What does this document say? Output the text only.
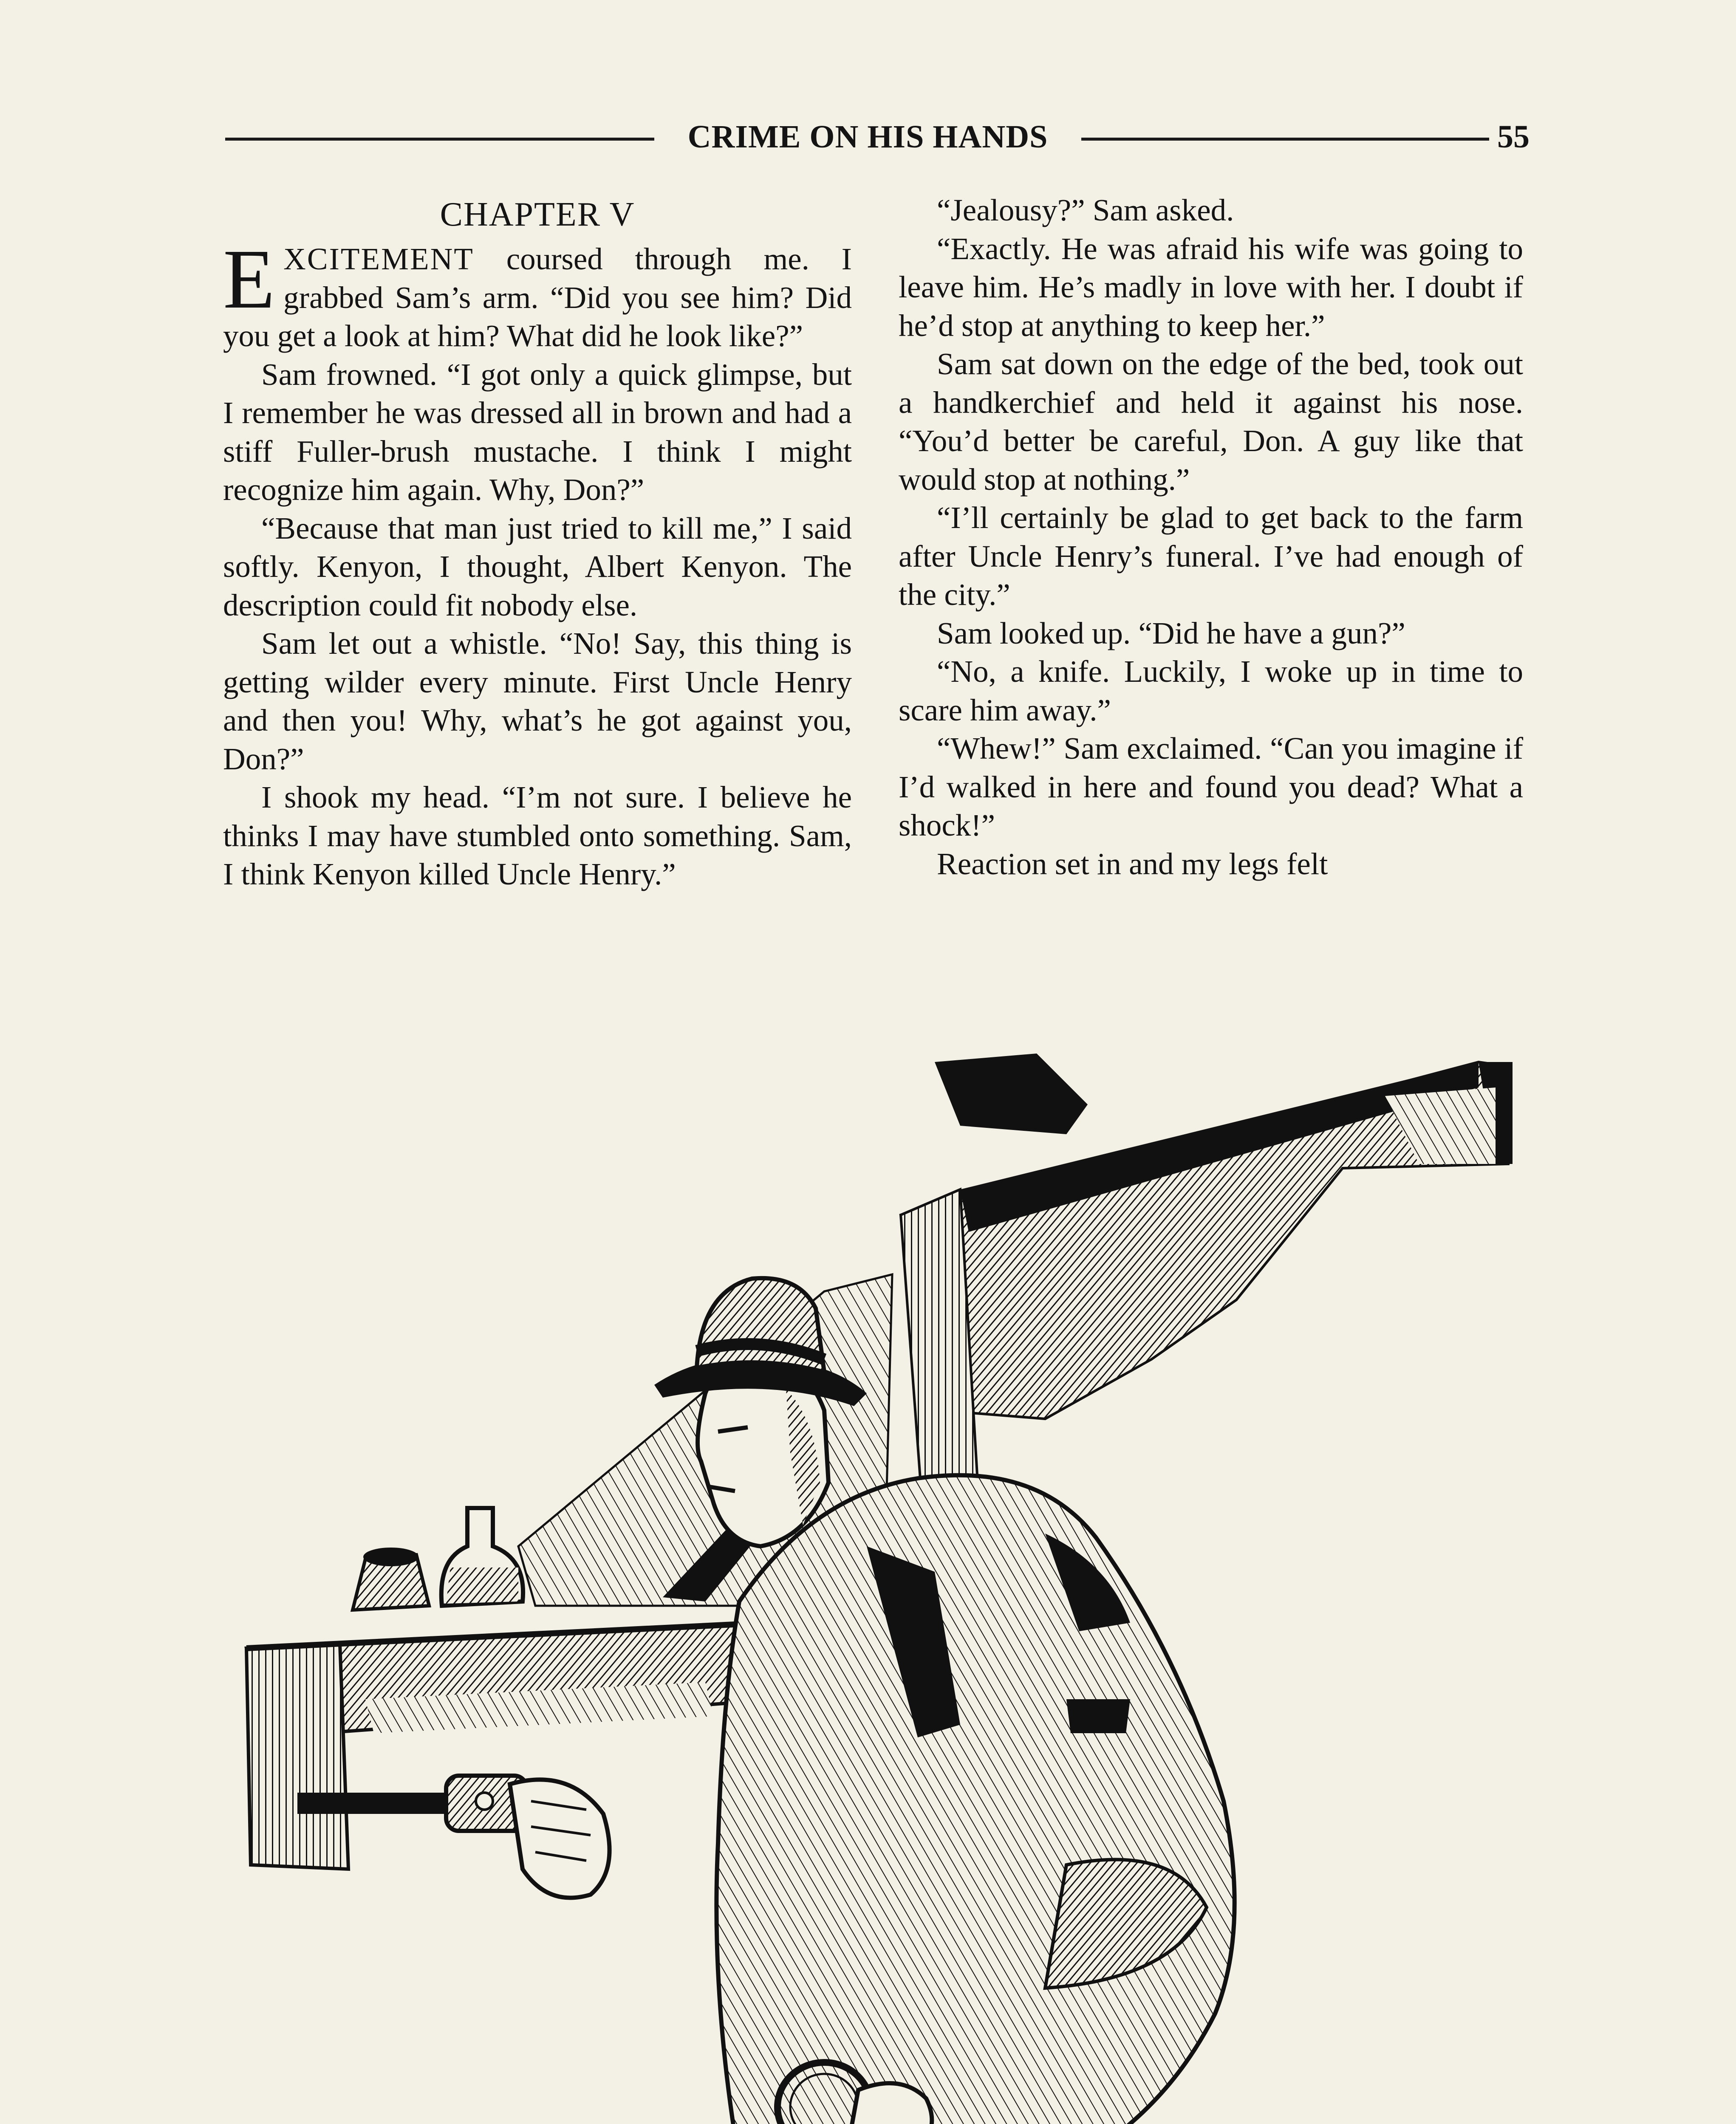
CRIME ON HIS HANDS	55
CHAPTER V

EXCITEMENT coursed through me. I grabbed Sam’s arm. “Did you see him? Did you get a look at him? What did he look like?”

Sam frowned. “I got only a quick glimpse, but I remember he was dressed all in brown and had a stiff Fuller-brush mustache. I think I might recognize him again. Why, Don?”

“Because that man just tried to kill me,” I said softly. Kenyon, I thought, Albert Kenyon. The description could fit nobody else.

Sam let out a whistle. “No! Say, this thing is getting wilder every minute. First Uncle Henry and then you! Why, what’s he got against you, Don?”

I shook my head. “I’m not sure. I believe he thinks I may have stumbled onto something. Sam, I think Kenyon killed Uncle Henry.”

“Jealousy?” Sam asked.

“Exactly. He was afraid his wife was going to leave him. He’s madly in love with her. I doubt if he’d stop at anything to keep her.”

Sam sat down on the edge of the bed, took out a handkerchief and held it against his nose. “You’d better be careful, Don. A guy like that would stop at nothing.”

“I’ll certainly be glad to get back to the farm after Uncle Henry’s funeral. I’ve had enough of the city.”

Sam looked up. “Did he have a gun?”

“No, a knife. Luckily, I woke up in time to scare him away.”

“Whew!” Sam exclaimed. “Can you imagine if I’d walked in here and found you dead? What a shock!”

Reaction set in and my legs felt
